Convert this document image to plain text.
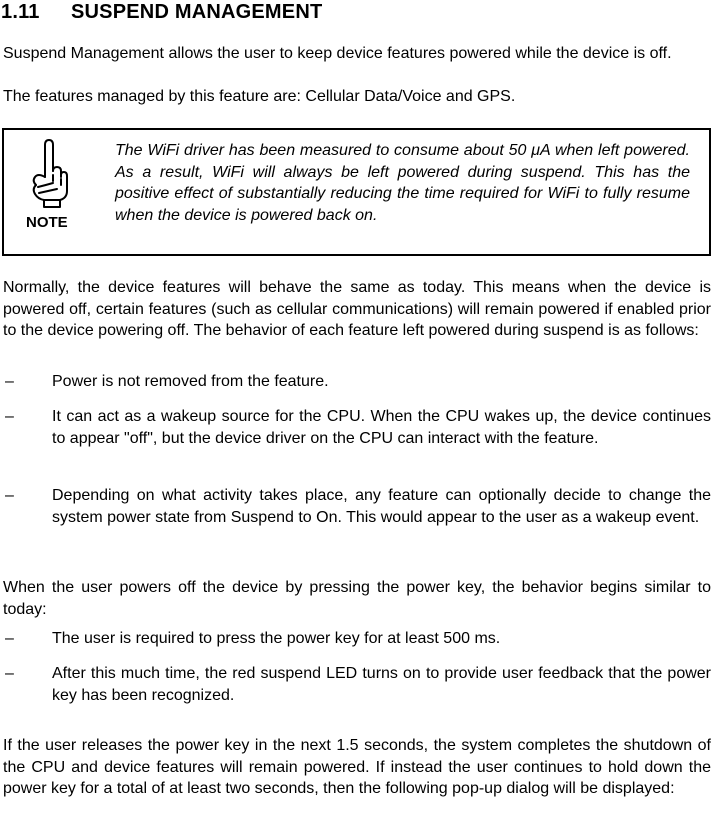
1.11 SUSPEND MANAGEMENT

Suspend Management allows the user to keep device features powered while the device is off.

The features managed by this feature are: Cellular Data/Voice and GPS.

NOTE

The WiFi driver has been measured to consume about 50 μA when left powered. As a result, WiFi will always be left powered during suspend. This has the positive effect of substantially reducing the time required for WiFi to fully resume when the device is powered back on.

Normally, the device features will behave the same as today. This means when the device is powered off, certain features (such as cellular communications) will remain powered if enabled prior to the device powering off. The behavior of each feature left powered during suspend is as follows:

– Power is not removed from the feature.

– It can act as a wakeup source for the CPU. When the CPU wakes up, the device continues to appear "off", but the device driver on the CPU can interact with the feature.

– Depending on what activity takes place, any feature can optionally decide to change the system power state from Suspend to On. This would appear to the user as a wakeup event.

When the user powers off the device by pressing the power key, the behavior begins similar to today:

– The user is required to press the power key for at least 500 ms.

– After this much time, the red suspend LED turns on to provide user feedback that the power key has been recognized.

If the user releases the power key in the next 1.5 seconds, the system completes the shutdown of the CPU and device features will remain powered. If instead the user continues to hold down the power key for a total of at least two seconds, then the following pop-up dialog will be displayed:
